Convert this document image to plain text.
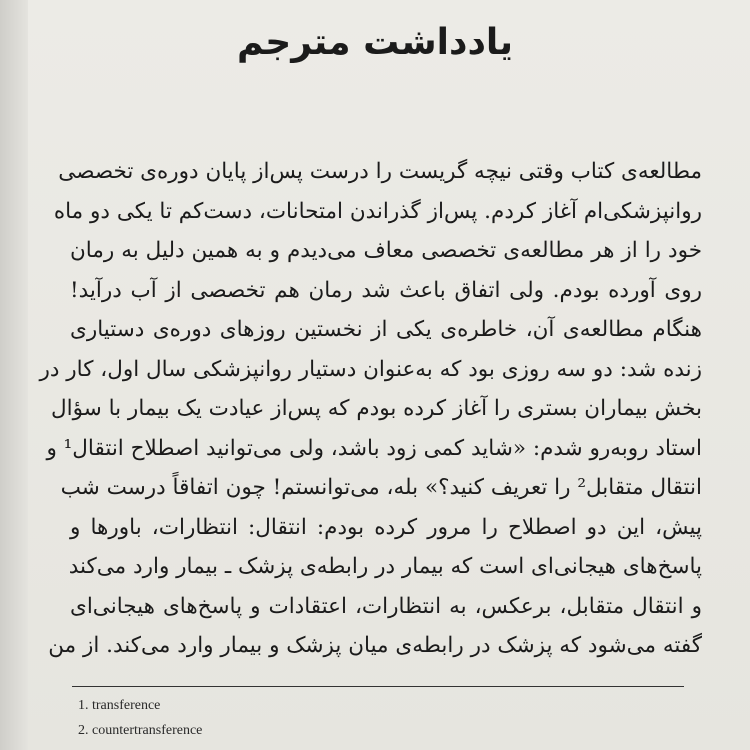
یادداشت مترجم
مطالعه‌ی کتاب وقتی نیچه گریست را درست پس‌از پایان دوره‌ی تخصصی
روانپزشکی‌ام آغاز کردم. پس‌از گذراندن امتحانات، دست‌کم تا یکی دو ماه
خود را از هر مطالعه‌ی تخصصی معاف می‌دیدم و به همین دلیل به رمان
روی آورده بودم. ولی اتفاق باعث شد رمان هم تخصصی از آب درآید!
هنگام مطالعه‌ی آن، خاطره‌ی یکی از نخستین روزهای دوره‌ی دستیاری
زنده شد: دو سه روزی بود که به‌عنوان دستیار روانپزشکی سال اول، کار در
بخش بیماران بستری را آغاز کرده بودم که پس‌از عیادت یک بیمار با سؤال
استاد روبه‌رو شدم: «شاید کمی زود باشد، ولی می‌توانید اصطلاح انتقال¹ و
انتقال متقابل² را تعریف کنید؟» بله، می‌توانستم! چون اتفاقاً درست شب
پیش، این دو اصطلاح را مرور کرده بودم: انتقال: انتظارات، باورها و
پاسخ‌های هیجانی‌ای است که بیمار در رابطه‌ی پزشک ـ بیمار وارد می‌کند
و انتقال متقابل، برعکس، به انتظارات، اعتقادات و پاسخ‌های هیجانی‌ای
گفته می‌شود که پزشک در رابطه‌ی میان پزشک و بیمار وارد می‌کند. از من
1. transference
2. countertransference
